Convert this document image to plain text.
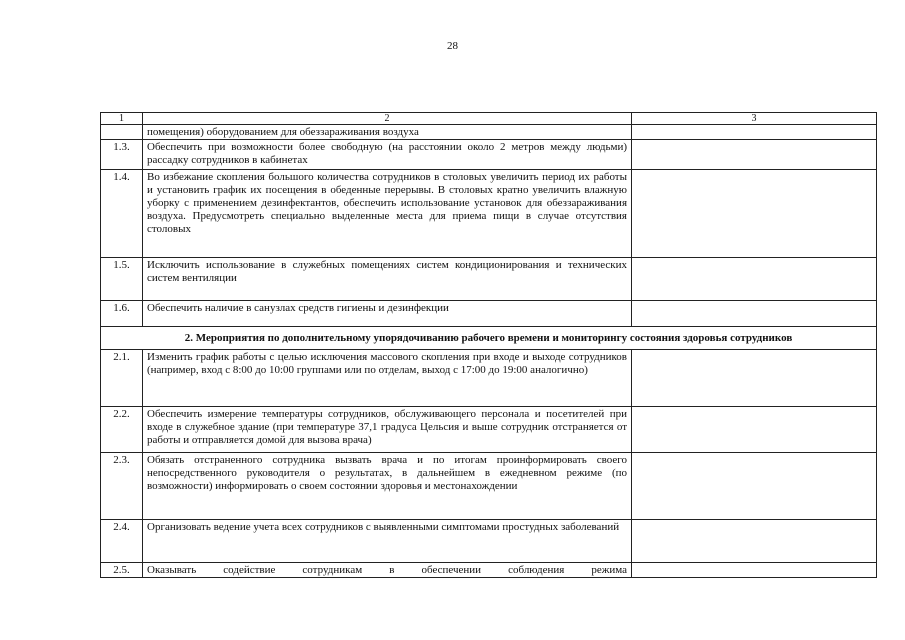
28
1	2	3
	помещения) оборудованием для обеззараживания воздуха	
1.3.	Обеспечить при возможности более свободную (на расстоянии около 2 метров между людьми) рассадку сотрудников в кабинетах	
1.4.	Во избежание скопления большого количества сотрудников в столовых увеличить период их работы и установить график их посещения в обеденные перерывы. В столовых кратно увеличить влажную уборку с применением дезинфектантов, обеспечить использование установок для обеззараживания воздуха. Предусмотреть специально выделенные места для приема пищи в случае отсутствия столовых	
1.5.	Исключить использование в служебных помещениях систем кондиционирования и технических систем вентиляции	
1.6.	Обеспечить наличие в санузлах средств гигиены и дезинфекции	
2. Мероприятия по дополнительному упорядочиванию рабочего времени и мониторингу состояния здоровья сотрудников		
2.1.	Изменить график работы с целью исключения массового скопления при входе и выходе сотрудников (например, вход с 8:00 до 10:00 группами или по отделам, выход с 17:00 до 19:00 аналогично)	
2.2.	Обеспечить измерение температуры сотрудников, обслуживающего персонала и посетителей при входе в служебное здание (при температуре 37,1 градуса Цельсия и выше сотрудник отстраняется от работы и отправляется домой для вызова врача)	
2.3.	Обязать отстраненного сотрудника вызвать врача и по итогам проинформировать своего непосредственного руководителя о результатах, в дальнейшем в ежедневном режиме (по возможности) информировать о своем состоянии здоровья и местонахождении	
2.4.	Организовать ведение учета всех сотрудников с выявленными симптомами простудных заболеваний	
2.5.	Оказывать содействие сотрудникам в обеспечении соблюдения режима	
